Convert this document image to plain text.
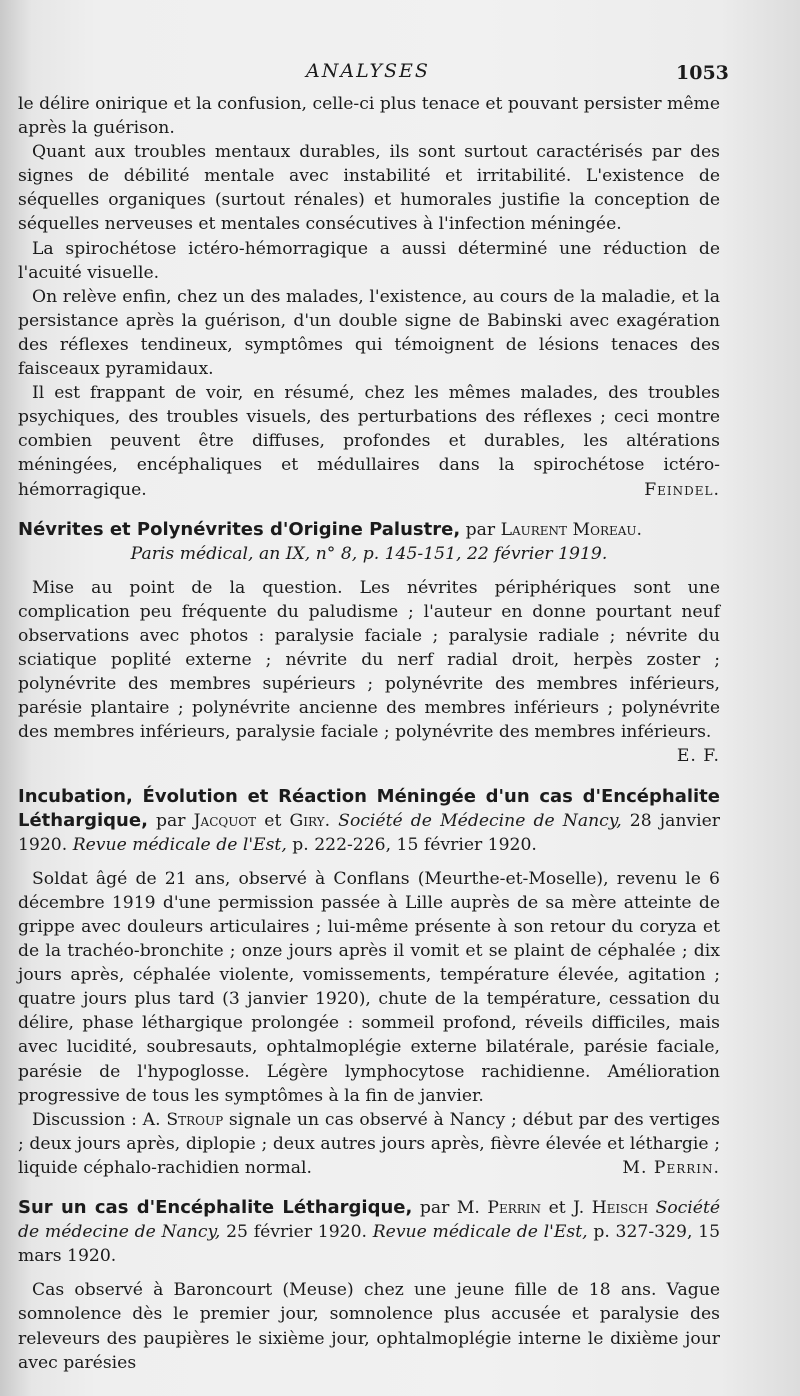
ANALYSES	1053

le délire onirique et la confusion, celle-ci plus tenace et pouvant persister même après la guérison.

Quant aux troubles mentaux durables, ils sont surtout caractérisés par des signes de débilité mentale avec instabilité et irritabilité. L'existence de séquelles organiques (surtout rénales) et humorales justifie la conception de séquelles nerveuses et mentales consécutives à l'infection méningée.

La spirochétose ictéro-hémorragique a aussi déterminé une réduction de l'acuité visuelle.

On relève enfin, chez un des malades, l'existence, au cours de la maladie, et la persistance après la guérison, d'un double signe de Babinski avec exagération des réflexes tendineux, symptômes qui témoignent de lésions tenaces des faisceaux pyramidaux.

Il est frappant de voir, en résumé, chez les mêmes malades, des troubles psychiques, des troubles visuels, des perturbations des réflexes ; ceci montre combien peuvent être diffuses, profondes et durables, les altérations méningées, encéphaliques et médullaires dans la spirochétose ictéro-hémorragique.	Feindel.

Névrites et Polynévrites d'Origine Palustre, par Laurent Moreau.

Paris médical, an IX, n° 8, p. 145-151, 22 février 1919.

Mise au point de la question. Les névrites périphériques sont une complication peu fréquente du paludisme ; l'auteur en donne pourtant neuf observations avec photos : paralysie faciale ; paralysie radiale ; névrite du sciatique poplité externe ; névrite du nerf radial droit, herpès zoster ; polynévrite des membres supérieurs ; polynévrite des membres inférieurs, parésie plantaire ; polynévrite ancienne des membres inférieurs ; polynévrite des membres inférieurs, paralysie faciale ; polynévrite des membres inférieurs.
E. F.

Incubation, Évolution et Réaction Méningée d'un cas d'Encéphalite Léthargique, par Jacquot et Giry. Société de Médecine de Nancy, 28 janvier 1920. Revue médicale de l'Est, p. 222-226, 15 février 1920.

Soldat âgé de 21 ans, observé à Conflans (Meurthe-et-Moselle), revenu le 6 décembre 1919 d'une permission passée à Lille auprès de sa mère atteinte de grippe avec douleurs articulaires ; lui-même présente à son retour du coryza et de la trachéo-bronchite ; onze jours après il vomit et se plaint de céphalée ; dix jours après, céphalée violente, vomissements, température élevée, agitation ; quatre jours plus tard (3 janvier 1920), chute de la température, cessation du délire, phase léthargique prolongée : sommeil profond, réveils difficiles, mais avec lucidité, soubresauts, ophtalmoplégie externe bilatérale, parésie faciale, parésie de l'hypoglosse. Légère lymphocytose rachidienne. Amélioration progressive de tous les symptômes à la fin de janvier.

Discussion : A. Stroup signale un cas observé à Nancy ; début par des vertiges ; deux jours après, diplopie ; deux autres jours après, fièvre élevée et léthargie ; liquide céphalo-rachidien normal.	M. Perrin.

Sur un cas d'Encéphalite Léthargique, par M. Perrin et J. Heisch Société de médecine de Nancy, 25 février 1920. Revue médicale de l'Est, p. 327-329, 15 mars 1920.

Cas observé à Baroncourt (Meuse) chez une jeune fille de 18 ans. Vague somnolence dès le premier jour, somnolence plus accusée et paralysie des releveurs des paupières le sixième jour, ophtalmoplégie interne le dixième jour avec parésies
